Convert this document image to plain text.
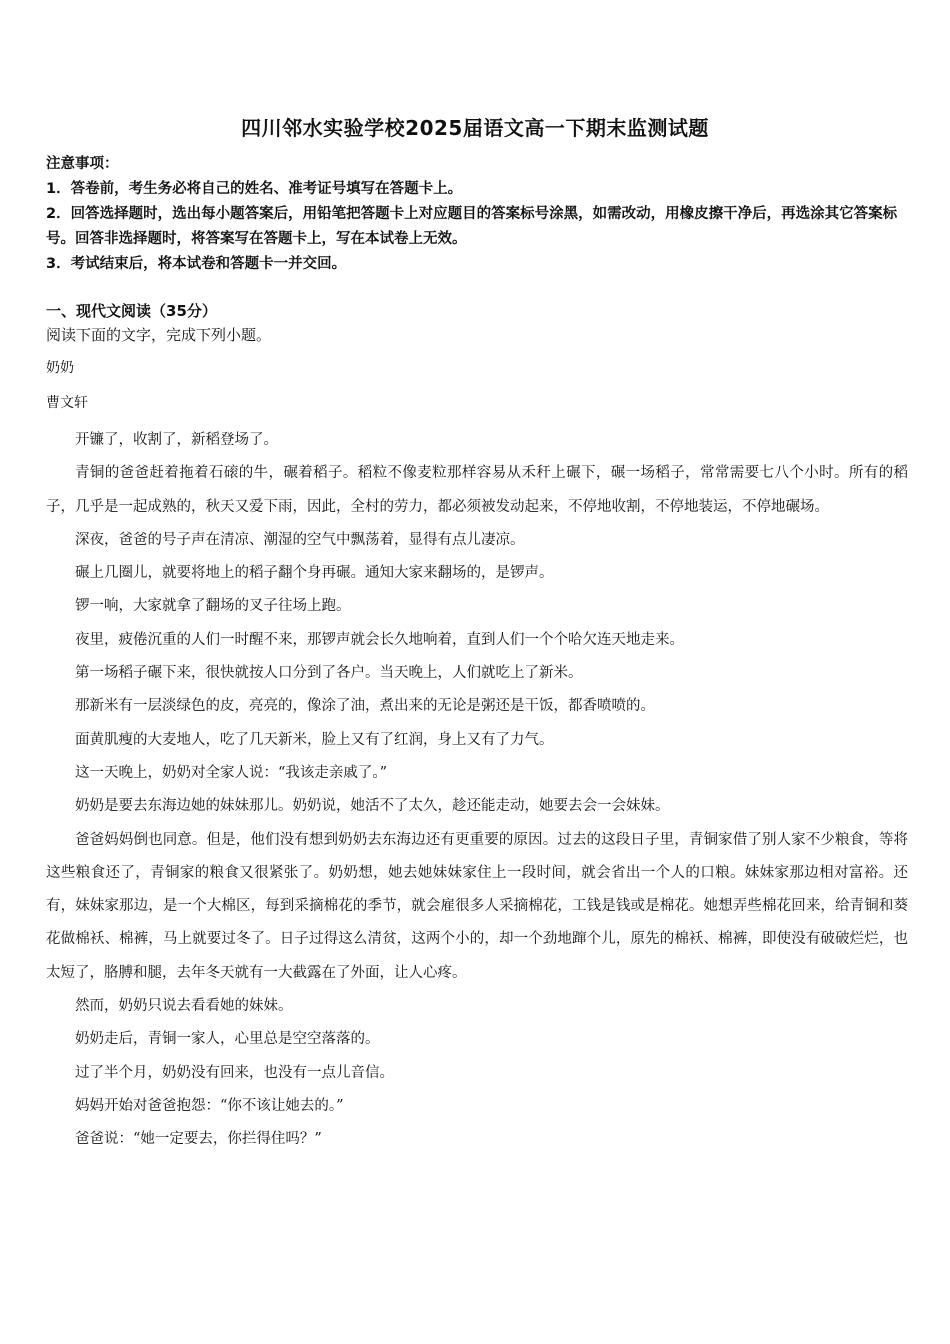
四川邻水实验学校2025届语文高一下期末监测试题
注意事项：
1．答卷前，考生务必将自己的姓名、准考证号填写在答题卡上。
2．回答选择题时，选出每小题答案后，用铅笔把答题卡上对应题目的答案标号涂黑，如需改动，用橡皮擦干净后，再选涂其它答案标号。回答非选择题时，将答案写在答题卡上，写在本试卷上无效。
3．考试结束后，将本试卷和答题卡一并交回。
一、现代文阅读（35分）
阅读下面的文字，完成下列小题。
奶奶
曹文轩

开镰了，收割了，新稻登场了。

青铜的爸爸赶着拖着石磙的牛，碾着稻子。稻粒不像麦粒那样容易从禾秆上碾下，碾一场稻子，常常需要七八个小时。所有的稻子，几乎是一起成熟的，秋天又爱下雨，因此，全村的劳力，都必须被发动起来，不停地收割，不停地装运，不停地碾场。

深夜，爸爸的号子声在清凉、潮湿的空气中飘荡着，显得有点儿凄凉。

碾上几圈儿，就要将地上的稻子翻个身再碾。通知大家来翻场的，是锣声。

锣一响，大家就拿了翻场的叉子往场上跑。

夜里，疲倦沉重的人们一时醒不来，那锣声就会长久地响着，直到人们一个个哈欠连天地走来。

第一场稻子碾下来，很快就按人口分到了各户。当天晚上，人们就吃上了新米。

那新米有一层淡绿色的皮，亮亮的，像涂了油，煮出来的无论是粥还是干饭，都香喷喷的。

面黄肌瘦的大麦地人，吃了几天新米，脸上又有了红润，身上又有了力气。

这一天晚上，奶奶对全家人说：“我该走亲戚了。”

奶奶是要去东海边她的妹妹那儿。奶奶说，她活不了太久，趁还能走动，她要去会一会妹妹。

爸爸妈妈倒也同意。但是，他们没有想到奶奶去东海边还有更重要的原因。过去的这段日子里，青铜家借了别人家不少粮食，等将这些粮食还了，青铜家的粮食又很紧张了。奶奶想，她去她妹妹家住上一段时间，就会省出一个人的口粮。妹妹家那边相对富裕。还有，妹妹家那边，是一个大棉区，每到采摘棉花的季节，就会雇很多人采摘棉花，工钱是钱或是棉花。她想弄些棉花回来，给青铜和葵花做棉袄、棉裤，马上就要过冬了。日子过得这么清贫，这两个小的，却一个劲地蹿个儿，原先的棉袄、棉裤，即使没有破破烂烂，也太短了，胳膊和腿，去年冬天就有一大截露在了外面，让人心疼。

然而，奶奶只说去看看她的妹妹。

奶奶走后，青铜一家人，心里总是空空落落的。

过了半个月，奶奶没有回来，也没有一点儿音信。

妈妈开始对爸爸抱怨：“你不该让她去的。”

爸爸说：“她一定要去，你拦得住吗？”
